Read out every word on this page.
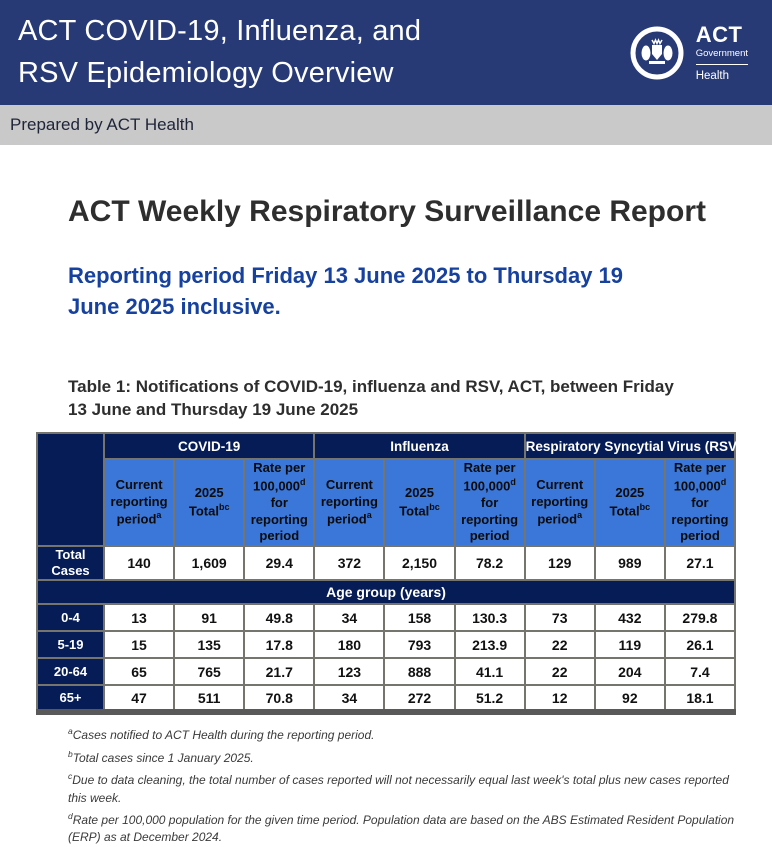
ACT COVID-19, Influenza, and
RSV Epidemiology Overview
ACT
Government
Health
Prepared by ACT Health
ACT Weekly Respiratory Surveillance Report

Reporting period Friday 13 June 2025 to Thursday 19 June 2025 inclusive.

Table 1: Notifications of COVID-19, influenza and RSV, ACT, between Friday 13 June and Thursday 19 June 2025

	COVID-19			Influenza			Respiratory Syncytial Virus (RSV)		
	Current reporting period$^a$	2025 Total$^{bc}$	Rate per 100,000$^d$ for reporting period	Current reporting period$^a$	2025 Total$^{bc}$	Rate per 100,000$^d$ for reporting period	Current reporting period$^a$	2025 Total$^{bc}$	Rate per 100,000$^d$ for reporting period
Total Cases	140	1,609	29.4	372	2,150	78.2	129	989	27.1
Age group (years)									
0-4	13	91	49.8	34	158	130.3	73	432	279.8
5-19	15	135	17.8	180	793	213.9	22	119	26.1
20-64	65	765	21.7	123	888	41.1	22	204	7.4
65+	47	511	70.8	34	272	51.2	12	92	18.1

$^a$Cases notified to ACT Health during the reporting period.

$^b$Total cases since 1 January 2025.

$^c$Due to data cleaning, the total number of cases reported will not necessarily equal last week's total plus new cases reported this week.

$^d$Rate per 100,000 population for the given time period. Population data are based on the ABS Estimated Resident Population (ERP) as at December 2024.
